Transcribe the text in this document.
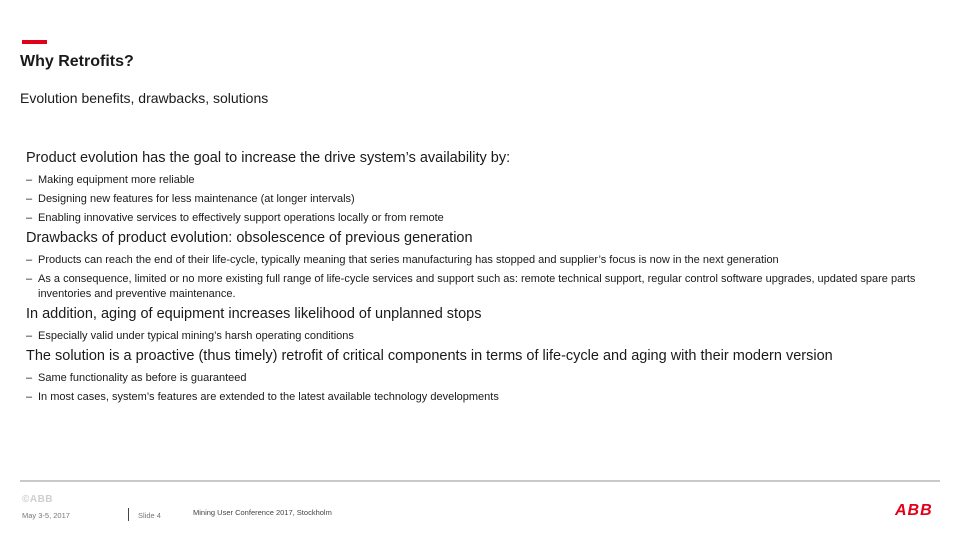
Why Retrofits?
Evolution benefits, drawbacks, solutions
Product evolution has the goal to increase the drive system’s availability by:
– Making equipment more reliable
– Designing new features for less maintenance (at longer intervals)
– Enabling innovative services to effectively support operations locally or from remote
Drawbacks of product evolution: obsolescence of previous generation
– Products can reach the end of their life-cycle, typically meaning that series manufacturing has stopped and supplier’s focus is now in the next generation
– As a consequence, limited or no more existing full range of life-cycle services and support such as: remote technical support, regular control software upgrades, updated spare parts inventories and preventive maintenance.
In addition, aging of equipment increases likelihood of unplanned stops
– Especially valid under typical mining’s harsh operating conditions
The solution is a proactive (thus timely) retrofit of critical components in terms of life-cycle and aging with their modern version
– Same functionality as before is guaranteed
– In most cases, system’s features are extended to the latest available technology developments
©ABB
May 3-5, 2017	Slide 4	Mining User Conference 2017, Stockholm	ABB
